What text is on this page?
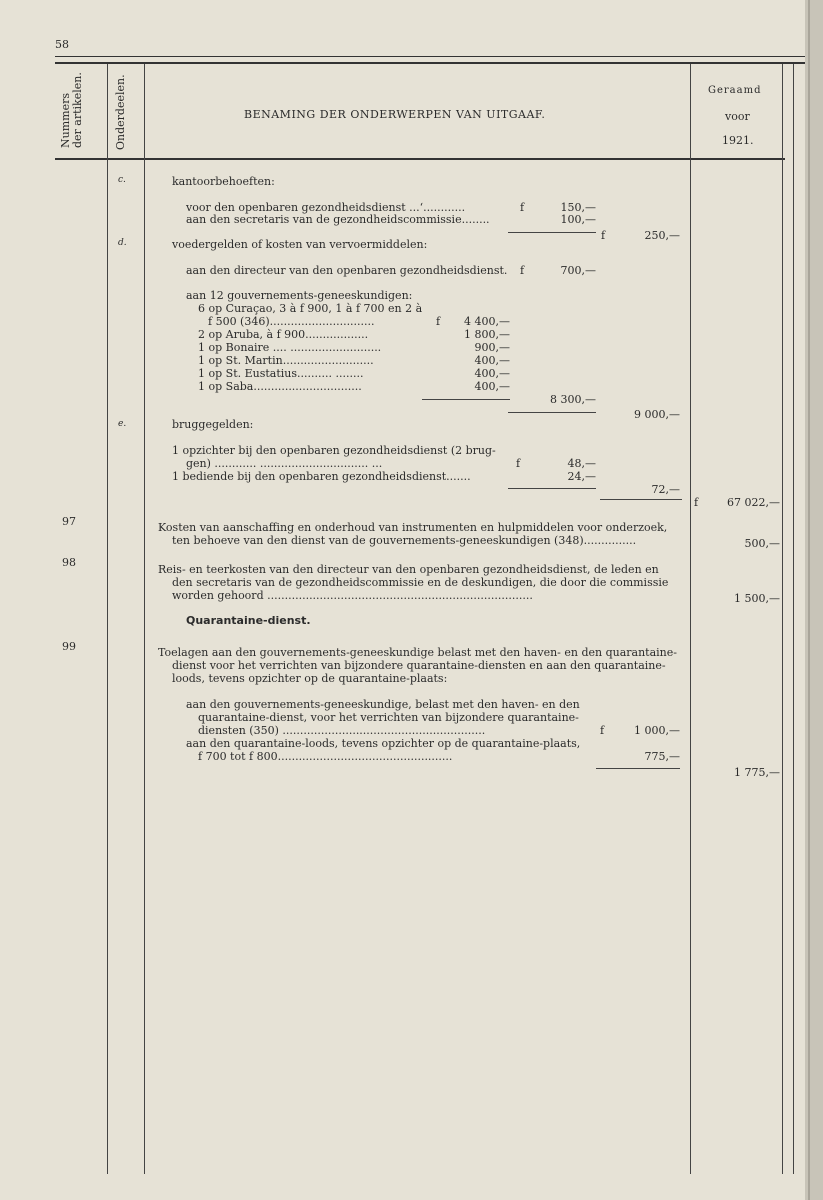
58
Nummers der artikelen.	Onderdeelen.	BENAMING DER ONDERWERPEN VAN UITGAAF.
Geraamd
voor
1921.
c.	kantoorbehoeften:
voor den openbaren gezondheidsdienst ...‘............	f	150,—
aan den secretaris van de gezondheidscommissie........	100,—
f	250,—
d.	voedergelden of kosten van vervoermiddelen:
aan den directeur van den openbaren gezondheidsdienst. f	700,—
aan 12 gouvernements-geneeskundigen:
6 op Curaçao, 3 à f 900, 1 à f 700 en 2 à
f 500 (346)..............................	f	4 400,—
2 op Aruba, à f 900..................	1 800,—
1 op Bonaire .... ..........................	900,—
1 op St. Martin..........................	400,—
1 op St. Eustatius.......... ........	400,—
1 op Saba...............................	400,—
8 300,—
9 000,—
e.	bruggegelden:
1 opzichter bij den openbaren gezondheidsdienst (2 brug-
gen) ............ ............................... ...	f	48,—
1 bediende bij den openbaren gezondheidsdienst.......	24,—
72,—
f	67 022,—
97	Kosten van aanschaffing en onderhoud van instrumenten en hulpmiddelen voor onderzoek,
ten behoeve van den dienst van de gouvernements-geneeskundigen (348)...............	500,—
98
Reis- en teerkosten van den directeur van den openbaren gezondheidsdienst, de leden en
den secretaris van de gezondheidscommissie en de deskundigen, die door die commissie
worden gehoord ............................................................................	1 500,—
Quarantaine-dienst.
99	Toelagen aan den gouvernements-geneeskundige belast met den haven- en den quarantaine-
dienst voor het verrichten van bijzondere quarantaine-diensten en aan den quarantaine-
loods, tevens opzichter op de quarantaine-plaats:
aan den gouvernements-geneeskundige, belast met den haven- en den
quarantaine-dienst, voor het verrichten van bijzondere quarantaine-
diensten (350) ..........................................................	f	1 000,—
aan den quarantaine-loods, tevens opzichter op de quarantaine-plaats,
f 700 tot f 800..................................................	775,—
1 775,—
